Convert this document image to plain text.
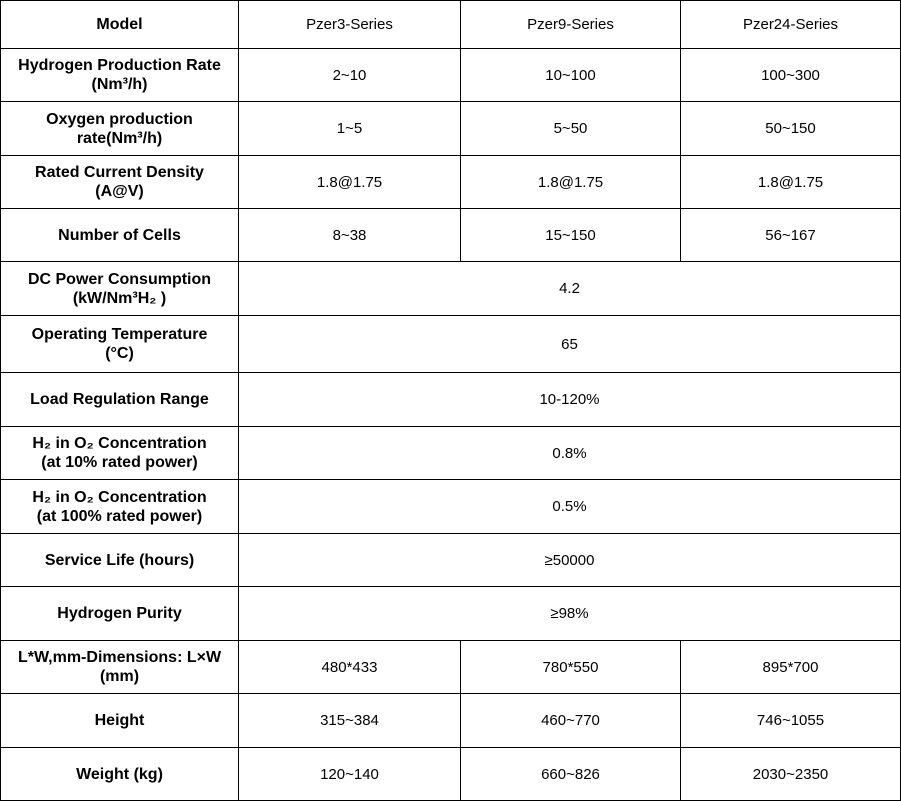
Model	Pzer3-Series	Pzer9-Series	Pzer24-Series

Hydrogen Production Rate
(Nm³/h)	2~10	10~100	100~300

Oxygen production
rate(Nm³/h)	1~5	5~50	50~150

Rated Current Density
(A@V)	1.8@1.75	1.8@1.75	1.8@1.75

Number of Cells	8~38	15~150	56~167

DC Power Consumption
(kW/Nm³H₂ )	4.2		

Operating Temperature
(°C)	65		

Load Regulation Range	10-120%		

H₂ in O₂ Concentration
(at 10% rated power)	0.8%		

H₂ in O₂ Concentration
(at 100% rated power)	0.5%		

Service Life (hours)	≥50000		

Hydrogen Purity	≥98%		

L*W,mm-Dimensions: L×W
(mm)	480*433	780*550	895*700

Height	315~384	460~770	746~1055

Weight (kg)	120~140	660~826	2030~2350
